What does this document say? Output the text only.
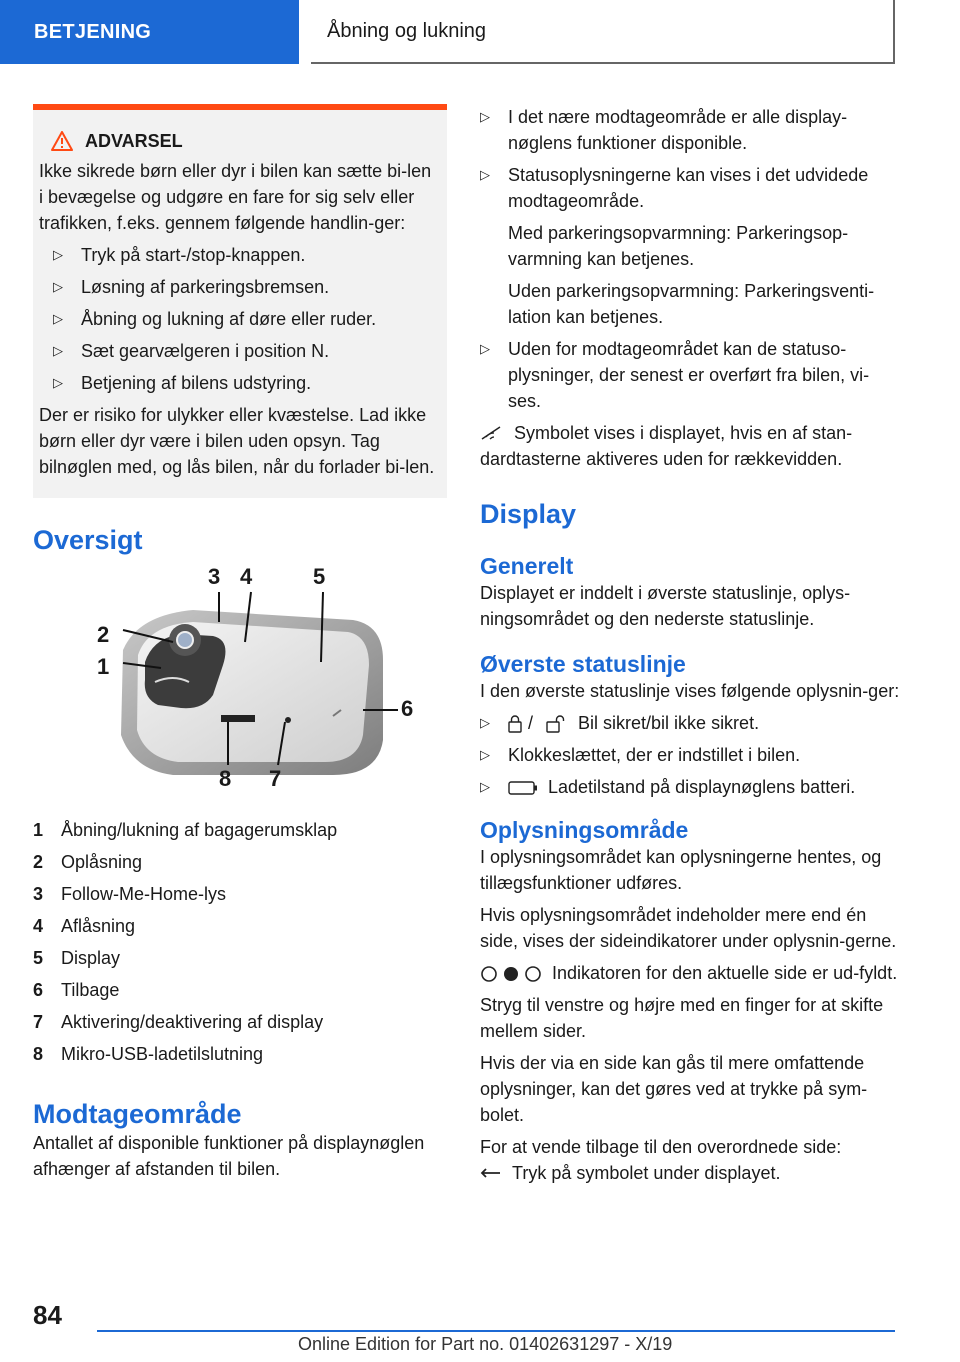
BETJENING	Åbning og lukning
ADVARSEL

Ikke sikrede børn eller dyr i bilen kan sætte bi-len i bevægelse og udgøre en fare for sig selv eller trafikken, f.eks. gennem følgende handlin-ger:

▷ Tryk på start-/stop-knappen.
▷ Løsning af parkeringsbremsen.
▷ Åbning og lukning af døre eller ruder.
▷ Sæt gearvælgeren i position N.
▷ Betjening af bilens udstyring.

Der er risiko for ulykker eller kvæstelse. Lad ikke børn eller dyr være i bilen uden opsyn. Tag bilnøglen med, og lås bilen, når du forlader bi-len.

Oversigt
1
2
3 4	5
6
7
8
1 Åbning/lukning af bagagerumsklap
2 Oplåsning
3 Follow-Me-Home-lys
4 Aflåsning
5 Display
6 Tilbage
7 Aktivering/deaktivering af display
8 Mikro-USB-ladetilslutning
Modtageområde

Antallet af disponible funktioner på displaynøglen afhænger af afstanden til bilen.

▷ I det nære modtageområde er alle display-nøglens funktioner disponible.
▷ Statusoplysningerne kan vises i det udvidede modtageområde.

Med parkeringsopvarmning: Parkeringsop-varmning kan betjenes.

Uden parkeringsopvarmning: Parkeringsventi-lation kan betjenes.

▷ Uden for modtageområdet kan de statuso-plysninger, der senest er overført fra bilen, vi-ses.

Symbolet vises i displayet, hvis en af stan-dardtasterne aktiveres uden for rækkevidden.

Display
Generelt

Displayet er inddelt i øverste statuslinje, oplys-ningsområdet og den nederste statuslinje.

Øverste statuslinje

I den øverste statuslinje vises følgende oplysnin-ger:

▷ /	Bil sikret/bil ikke sikret.
▷ Klokkeslættet, der er indstillet i bilen.
▷	Ladetilstand på displaynøglens batteri.
Oplysningsområde

I oplysningsområdet kan oplysningerne hentes, og tillægsfunktioner udføres.

Hvis oplysningsområdet indeholder mere end én side, vises der sideindikatorer under oplysnin-gerne.

Indikatoren for den aktuelle side er ud-fyldt.

Stryg til venstre og højre med en finger for at skifte mellem sider.

Hvis der via en side kan gås til mere omfattende oplysninger, kan det gøres ved at trykke på sym-bolet.

For at vende tilbage til den overordnede side:

Tryk på symbolet under displayet.

84
Online Edition for Part no. 01402631297 - X/19
